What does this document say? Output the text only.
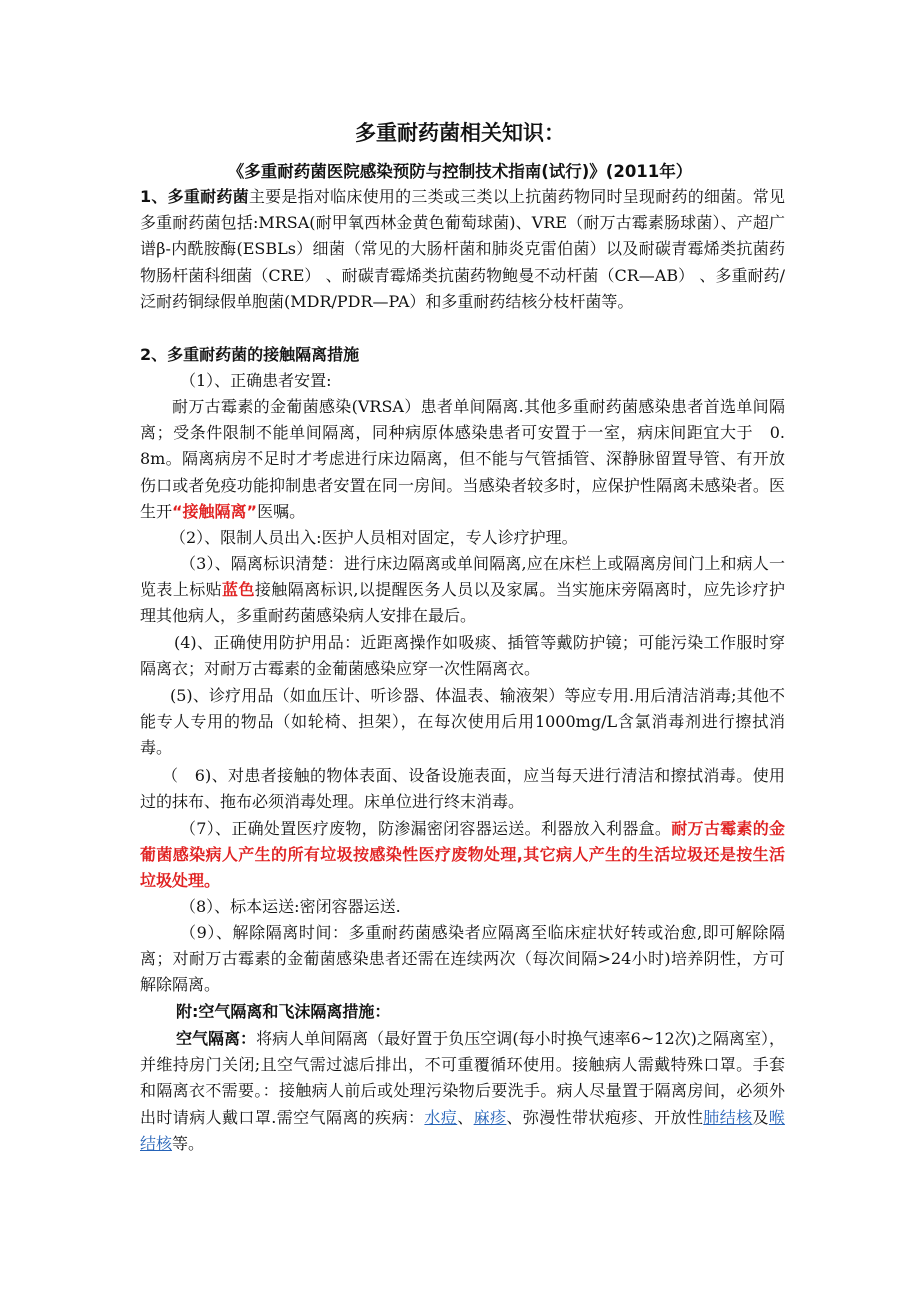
多重耐药菌相关知识：
《多重耐药菌医院感染预防与控制技术指南(试行)》(2011年）

1、多重耐药菌主要是指对临床使用的三类或三类以上抗菌药物同时呈现耐药的细菌。常见多重耐药菌包括:MRSA(耐甲氧西林金黄色葡萄球菌)、VRE（耐万古霉素肠球菌）、产超广谱β-内酰胺酶(ESBLs）细菌（常见的大肠杆菌和肺炎克雷伯菌）以及耐碳青霉烯类抗菌药物肠杆菌科细菌（CRE） 、耐碳青霉烯类抗菌药物鲍曼不动杆菌（CR—AB） 、多重耐药/泛耐药铜绿假单胞菌(MDR/PDR—PA）和多重耐药结核分枝杆菌等。

2、多重耐药菌的接触隔离措施

（1）、正确患者安置:

耐万古霉素的金葡菌感染(VRSA）患者单间隔离.其他多重耐药菌感染患者首选单间隔离；受条件限制不能单间隔离，同种病原体感染患者可安置于一室，病床间距宜大于　0.　8m。隔离病房不足时才考虑进行床边隔离，但不能与气管插管、深静脉留置导管、有开放伤口或者免疫功能抑制患者安置在同一房间。当感染者较多时，应保护性隔离未感染者。医生开“接触隔离”医嘱。

（2）、限制人员出入:医护人员相对固定，专人诊疗护理。

（3）、隔离标识清楚：进行床边隔离或单间隔离,应在床栏上或隔离房间门上和病人一览表上标贴蓝色接触隔离标识,以提醒医务人员以及家属。当实施床旁隔离时，应先诊疗护理其他病人，多重耐药菌感染病人安排在最后。

(4)、正确使用防护用品：近距离操作如吸痰、插管等戴防护镜；可能污染工作服时穿隔离衣；对耐万古霉素的金葡菌感染应穿一次性隔离衣。

(5)、诊疗用品（如血压计、听诊器、体温表、输液架）等应专用.用后清洁消毒;其他不能专人专用的物品（如轮椅、担架），在每次使用后用1000mg/L含氯消毒剂进行擦拭消毒。

（　6)、对患者接触的物体表面、设备设施表面，应当每天进行清洁和擦拭消毒。使用过的抹布、拖布必须消毒处理。床单位进行终末消毒。

（7）、正确处置医疗废物，防渗漏密闭容器运送。利器放入利器盒。耐万古霉素的金葡菌感染病人产生的所有垃圾按感染性医疗废物处理,其它病人产生的生活垃圾还是按生活垃圾处理。

（8）、标本运送:密闭容器运送.

（9）、解除隔离时间：多重耐药菌感染者应隔离至临床症状好转或治愈,即可解除隔离；对耐万古霉素的金葡菌感染患者还需在连续两次（每次间隔>24小时)培养阴性，方可解除隔离。

附:空气隔离和飞沫隔离措施：

空气隔离：将病人单间隔离（最好置于负压空调(每小时换气速率6~12次)之隔离室），并维持房门关闭;且空气需过滤后排出，不可重覆循环使用。接触病人需戴特殊口罩。手套和隔离衣不需要。：接触病人前后或处理污染物后要洗手。病人尽量置于隔离房间，必须外出时请病人戴口罩.需空气隔离的疾病：水痘、麻疹、弥漫性带状疱疹、开放性肺结核及喉结核等。
